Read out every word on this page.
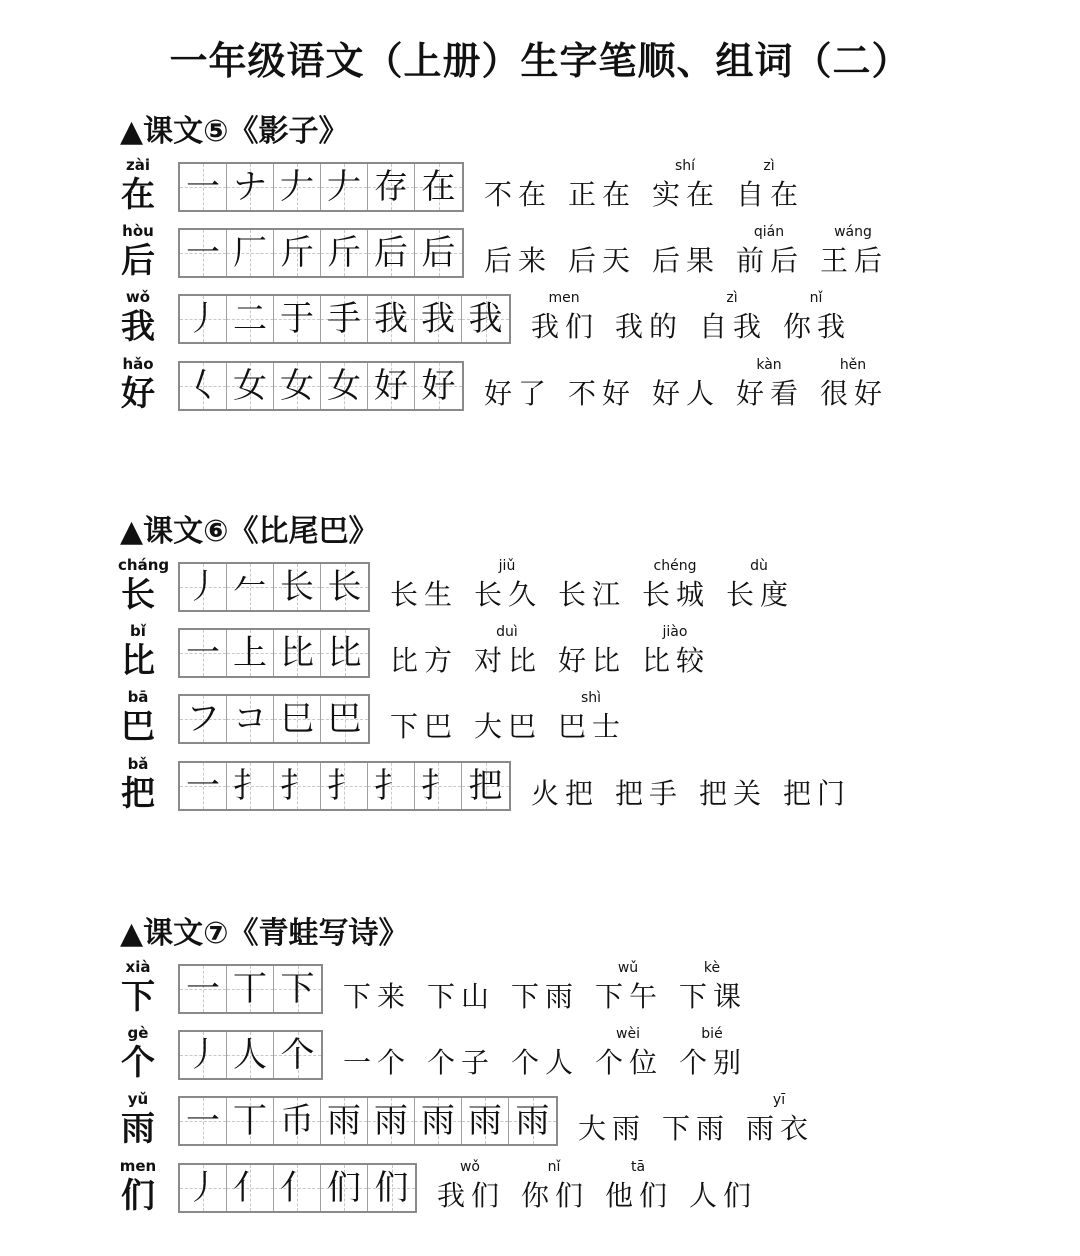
一年级语文（上册）生字笔顺、组词（二）
▲课文⑤《影子》
zài
在 一 ナ 𠂇 𠂇 存 在 不在 正在
shí
实在
zì
自在
hòu
后 一 厂 斤 斤 后 后 后来 后天 后果
qián
前后
wáng
王后
wǒ
我 丿 二 于 手 我 我 我
men
我们 我的
zì
自我
nǐ
你我
hǎo
好 𡿨 女 女 女 好 好 好了 不好 好人
kàn
好看
hěn
很好
▲课文⑥《比尾巴》
cháng
长 丿 𠂉 长 长 长生
jiǔ
长久 长江
chéng
长城
dù
长度
bǐ
比 一 上 比 比 比方
duì
对比 好比
jiào
比较
bā
巴 フ コ 巳 巴 下巴 大巴
shì
巴士
bǎ
把 一 扌 扌 扌 扌 扌 把 火把 把手 把关 把门
▲课文⑦《青蛙写诗》
xià
下 一 丅 下 下来 下山 下雨
wǔ
下午
kè
下课
gè
个 丿 人 个 一个 个子 个人
wèi
个位
bié
个别
yǔ
雨 一 丅 币 雨 雨 雨 雨 雨 大雨 下雨
yī
雨衣
men
们 丿 亻 亻 们 们
wǒ
我们
nǐ
你们
tā
他们 人们
